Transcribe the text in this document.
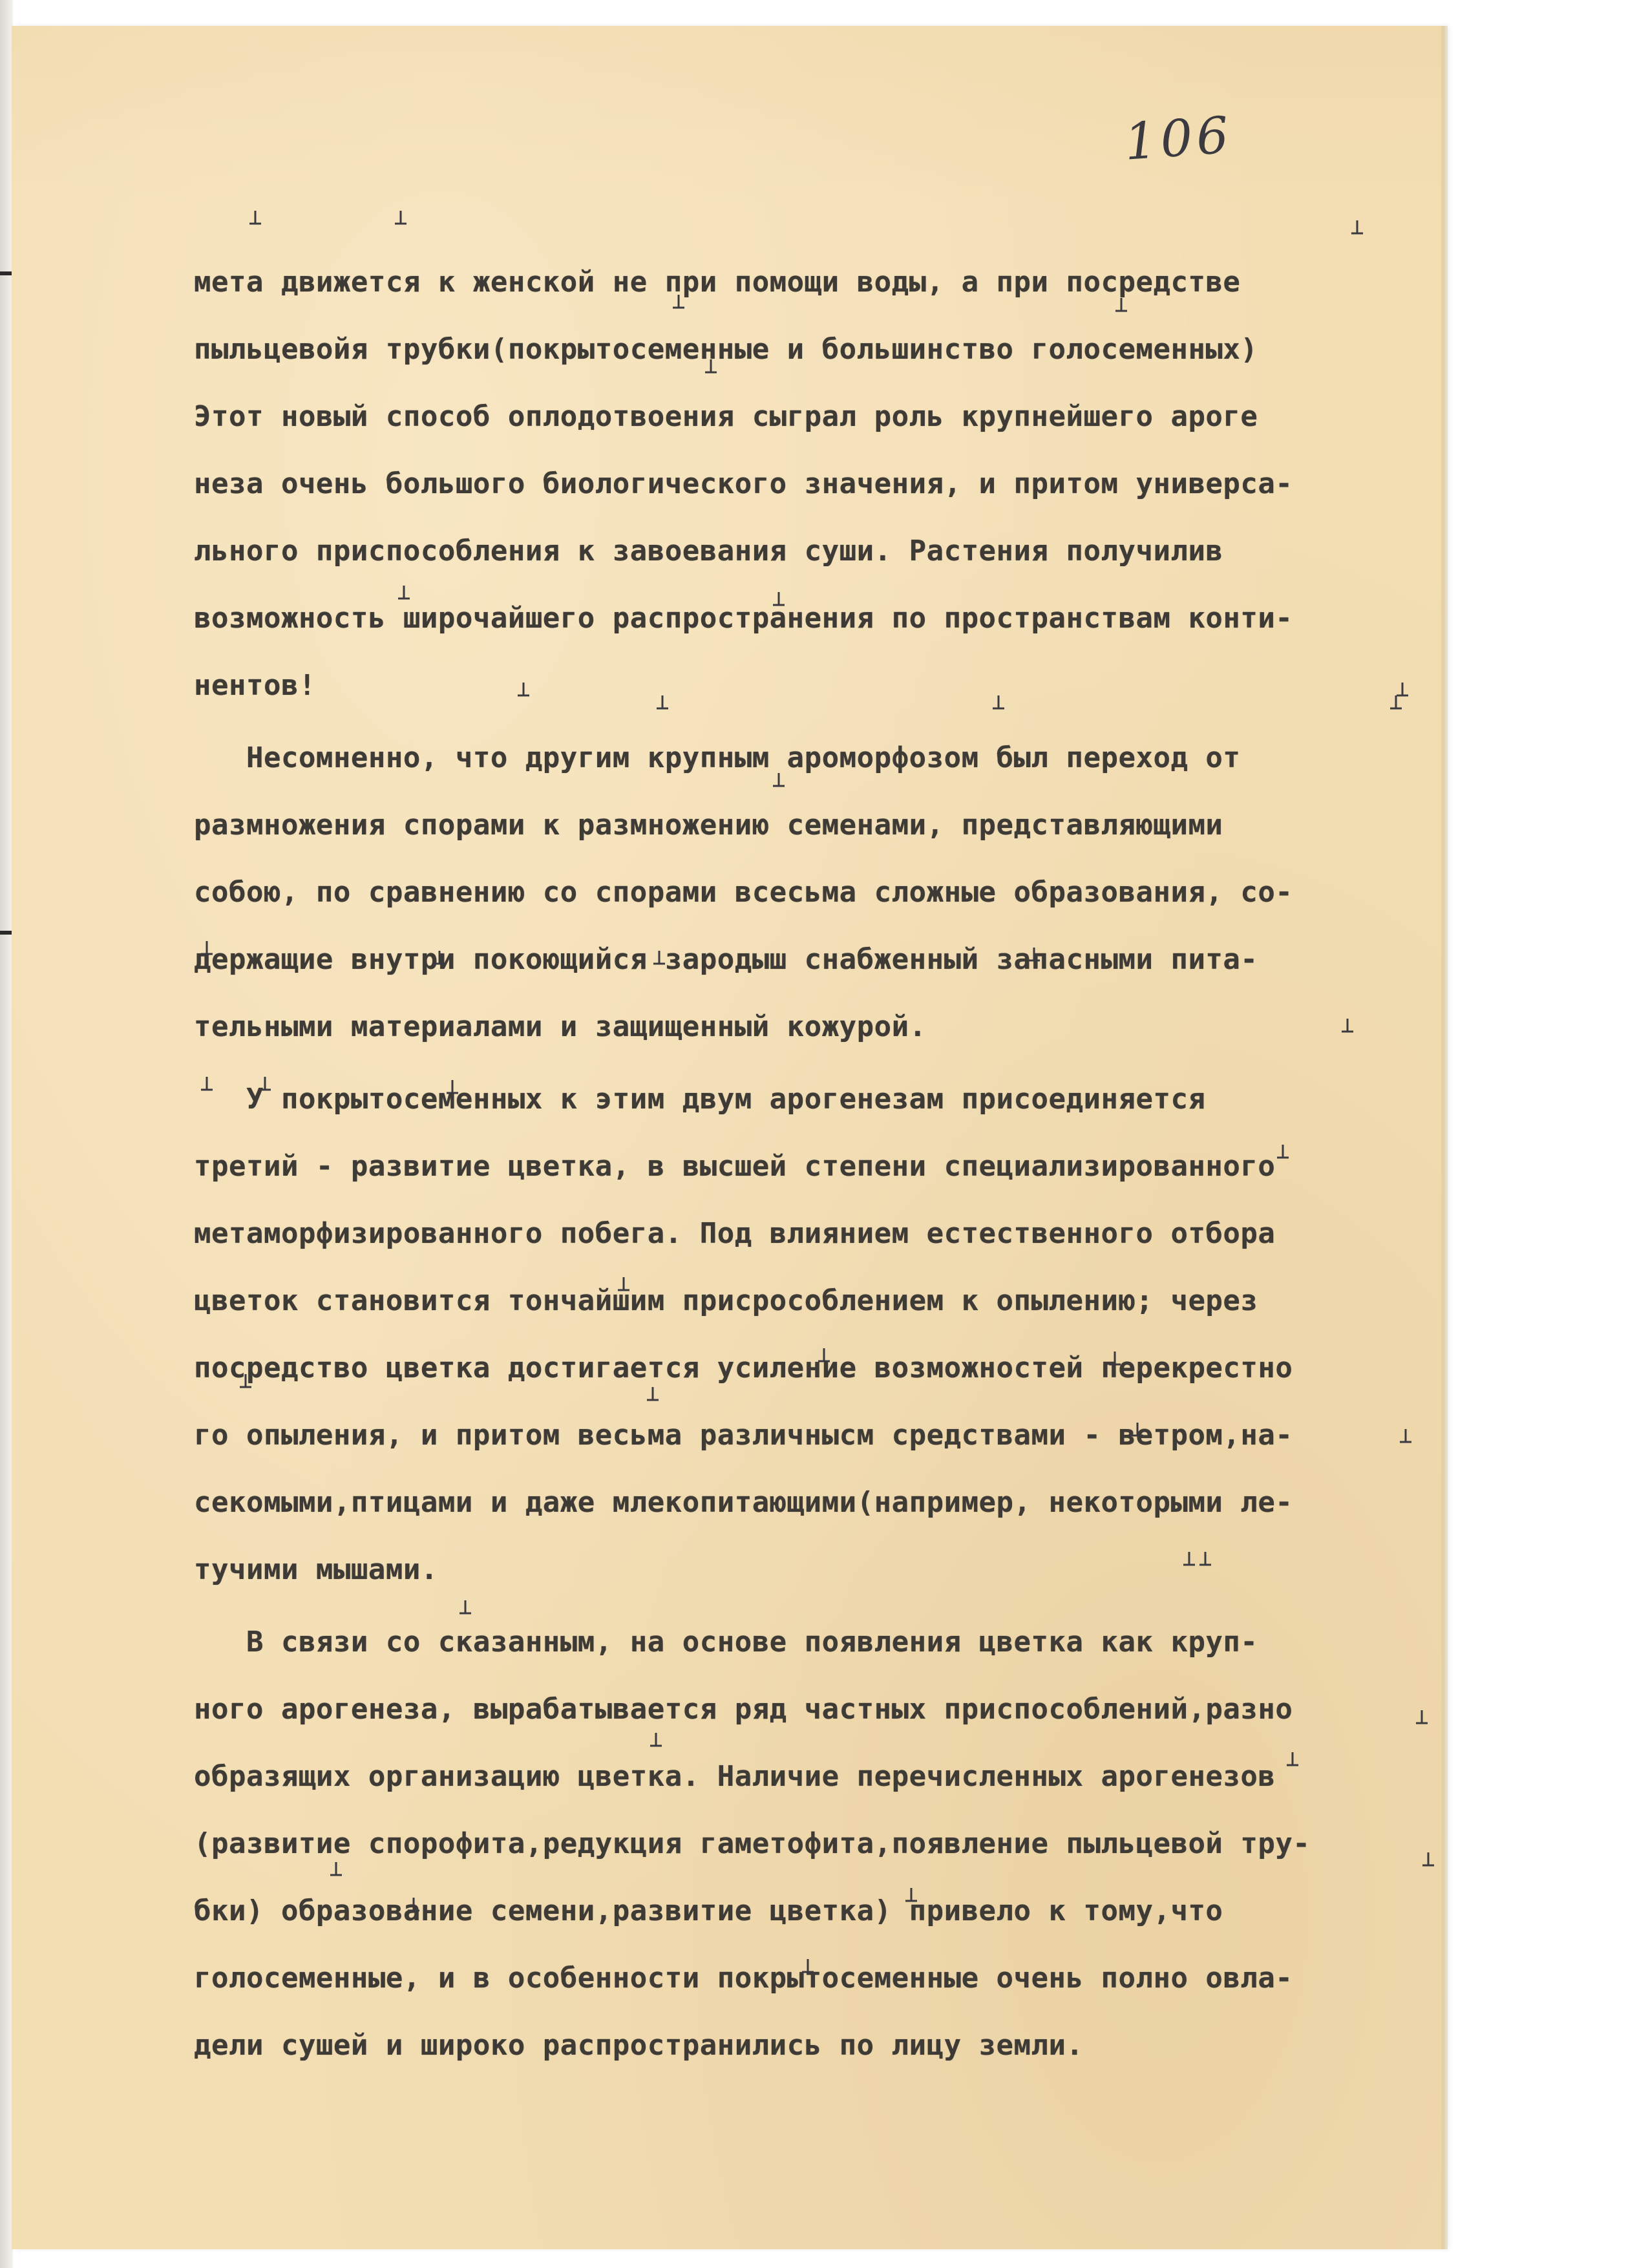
106
мета движется к женской не при помощи воды, а при посредстве
пыльцевойя трубки(покрытосеменные и большинство голосеменных)
Этот новый способ оплодотвоения сыграл роль крупнейшего ароге
неза очень большого биологического значения, и притом универса-
льного приспособления к завоевания суши. Растения получилив
возможность широчайшего распространения по пространствам конти-
нентов!
Несомненно, что другим крупным ароморфозом был переход от
размножения спорами к размножению семенами, представляющими
собою, по сравнению со спорами всесьма сложные образования, со-
держащие внутри покоющийся зародыш снабженный запасными пита-
тельными материалами и защищенный кожурой.
У покрытосеменных к этим двум арогенезам присоединяется
третий - развитие цветка, в высшей степени специализированного
метаморфизированного побега. Под влиянием естественного отбора
цветок становится тончайшим присрособлением к опылению; через
посредство цветка достигается усиление возможностей перекрестно
го опыления, и притом весьма различнысм средствами - ветром,на-
секомыми,птицами и даже млекопитающими(например, некоторыми ле-
тучими мышами.
В связи со сказанным, на основе появления цветка как круп-
ного арогенеза, вырабатывается ряд частных приспособлений,разно
образящих организацию цветка. Наличие перечисленных арогенезов
(развитие спорофита,редукция гаметофита,появление пыльцевой тру-
бки) образование семени,развитие цветка) привело к тому,что
голосеменные, и в особенности покрытосеменные очень полно овла-
дели сушей и широко распространились по лицу земли.
